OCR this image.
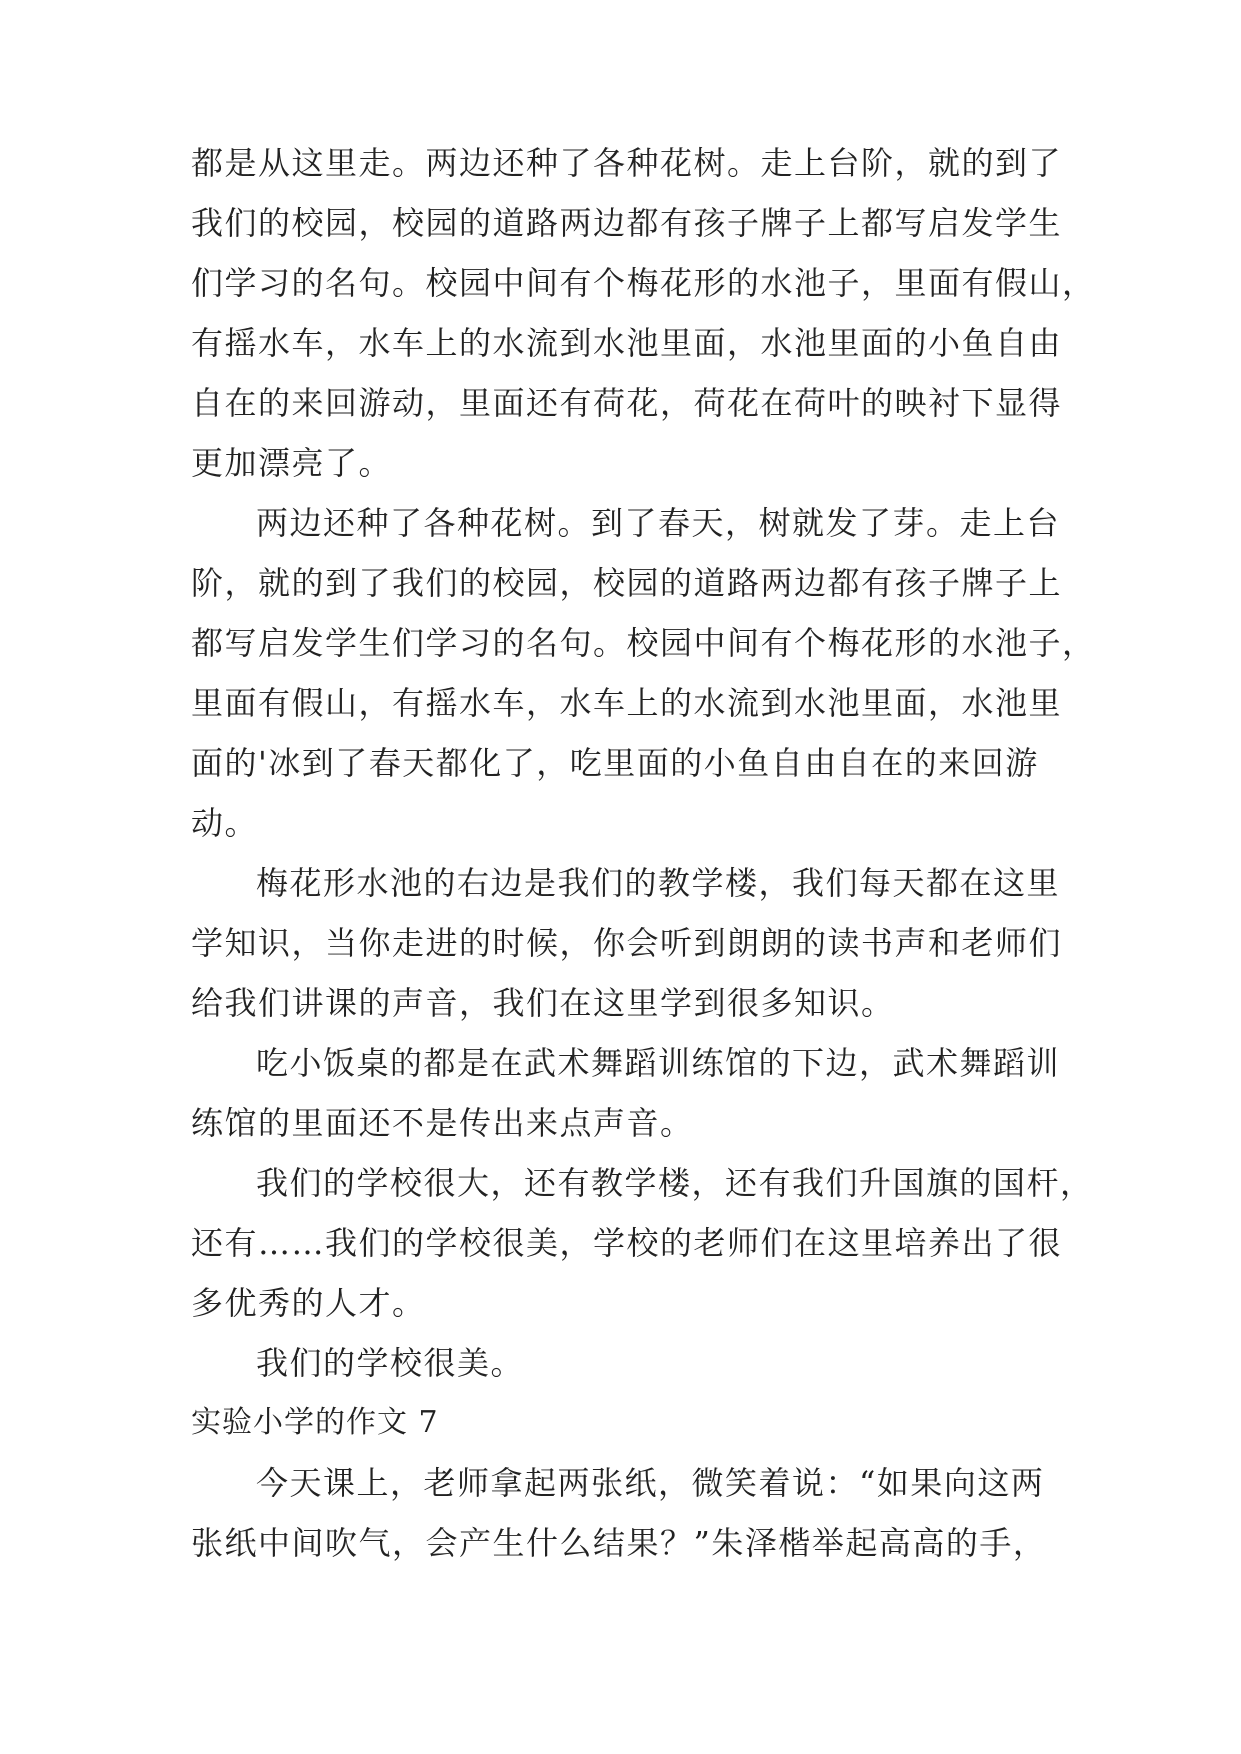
都是从这里走。两边还种了各种花树。走上台阶，就的到了
我们的校园，校园的道路两边都有孩子牌子上都写启发学生
们学习的名句。校园中间有个梅花形的水池子，里面有假山，
有摇水车，水车上的水流到水池里面，水池里面的小鱼自由
自在的来回游动，里面还有荷花，荷花在荷叶的映衬下显得
更加漂亮了。
两边还种了各种花树。到了春天，树就发了芽。走上台
阶，就的到了我们的校园，校园的道路两边都有孩子牌子上
都写启发学生们学习的名句。校园中间有个梅花形的水池子，
里面有假山，有摇水车，水车上的水流到水池里面，水池里
面的'冰到了春天都化了，吃里面的小鱼自由自在的来回游
动。
梅花形水池的右边是我们的教学楼，我们每天都在这里
学知识，当你走进的时候，你会听到朗朗的读书声和老师们
给我们讲课的声音，我们在这里学到很多知识。
吃小饭桌的都是在武术舞蹈训练馆的下边，武术舞蹈训
练馆的里面还不是传出来点声音。
我们的学校很大，还有教学楼，还有我们升国旗的国杆，
还有……我们的学校很美，学校的老师们在这里培养出了很
多优秀的人才。
我们的学校很美。
实验小学的作文 7
今天课上，老师拿起两张纸，微笑着说：“如果向这两
张纸中间吹气，会产生什么结果？”朱泽楷举起高高的手，
